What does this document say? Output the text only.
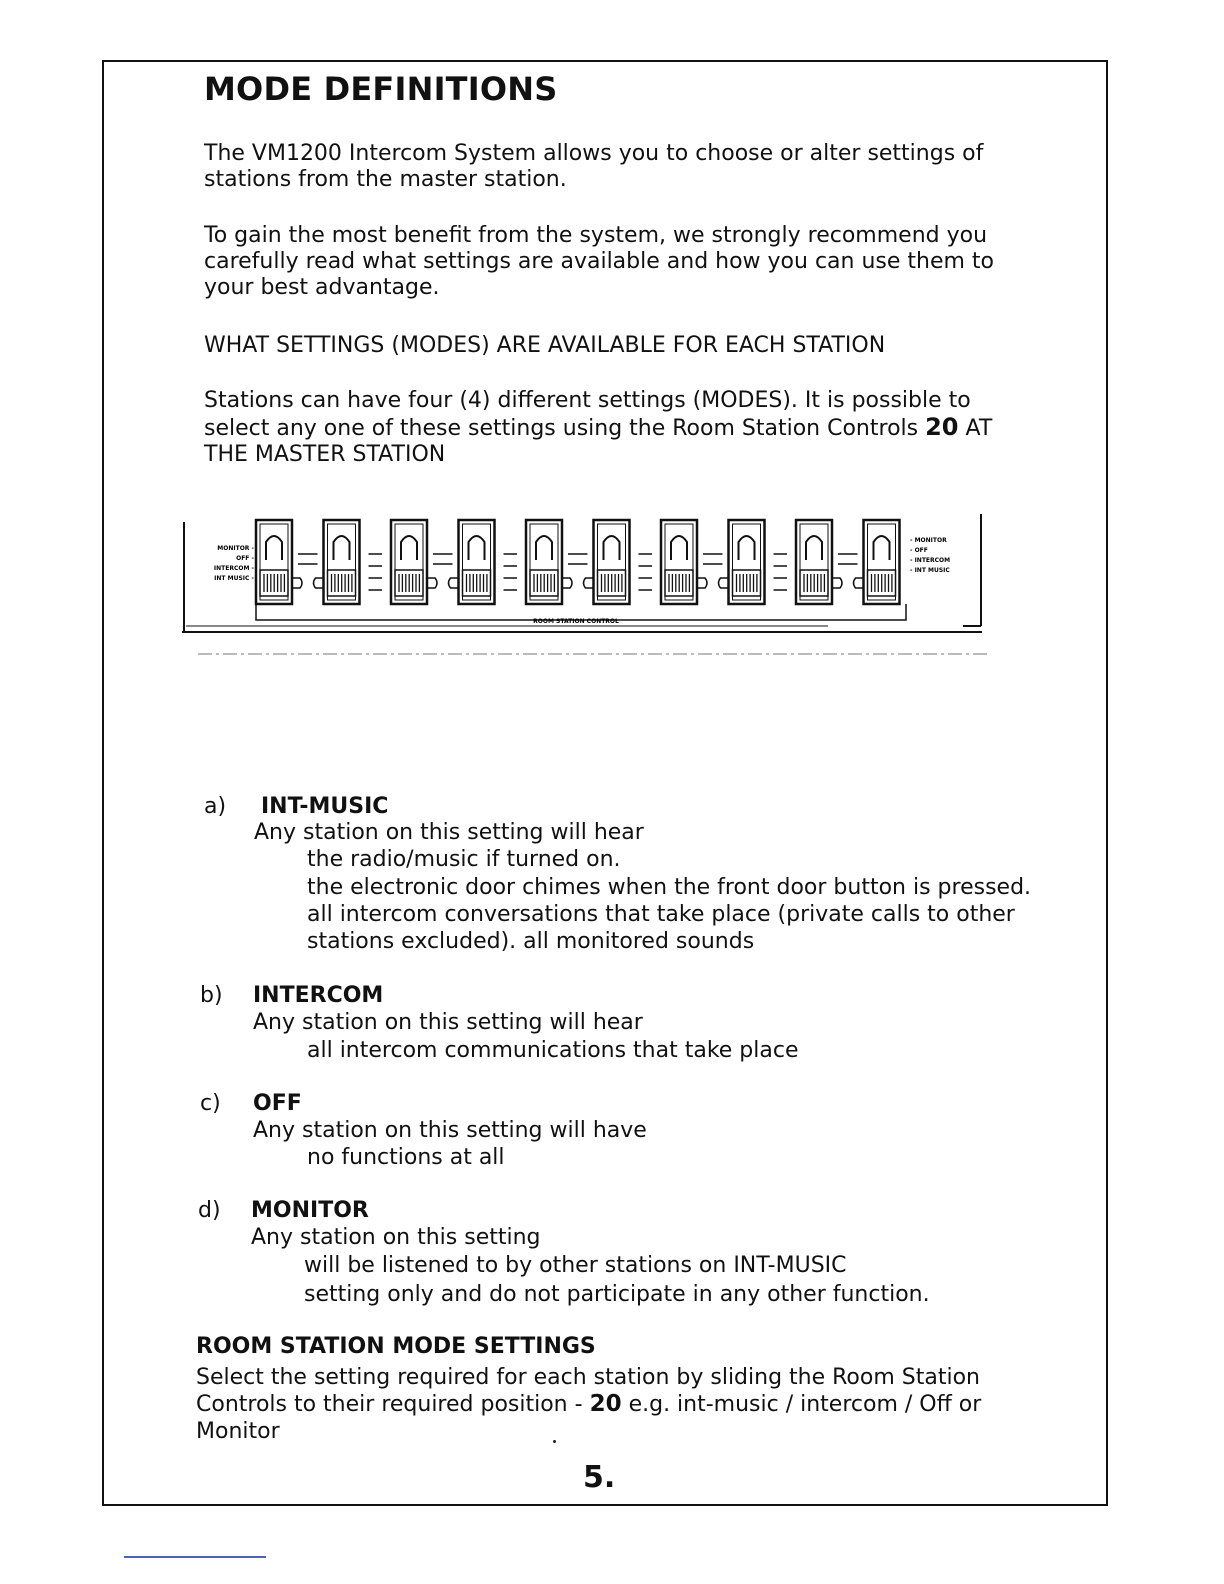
MODE DEFINITIONS

The VM1200 Intercom System allows you to choose or alter settings of stations from the master station.

To gain the most benefit from the system, we strongly recommend you carefully read what settings are available and how you can use them to your best advantage.

WHAT SETTINGS (MODES) ARE AVAILABLE FOR EACH STATION

Stations can have four (4) different settings (MODES). It is possible to select any one of these settings using the Room Station Controls 20 AT THE MASTER STATION

MONITOR -
OFF -
INTERCOM -
INT MUSIC -
- MONITOR
- OFF
- INTERCOM
- INT MUSIC
ROOM STATION CONTROL
a) INT-MUSIC
Any station on this setting will hear
the radio/music if turned on.
the electronic door chimes when the front door button is pressed.
all intercom conversations that take place (private calls to other
stations excluded). all monitored sounds
b) INTERCOM
Any station on this setting will hear
all intercom communications that take place
c) OFF
Any station on this setting will have
no functions at all
d) MONITOR
Any station on this setting
will be listened to by other stations on INT-MUSIC
setting only and do not participate in any other function.
ROOM STATION MODE SETTINGS

Select the setting required for each station by sliding the Room Station Controls to their required position - 20 e.g. int-music / intercom / Off or Monitor

5.
